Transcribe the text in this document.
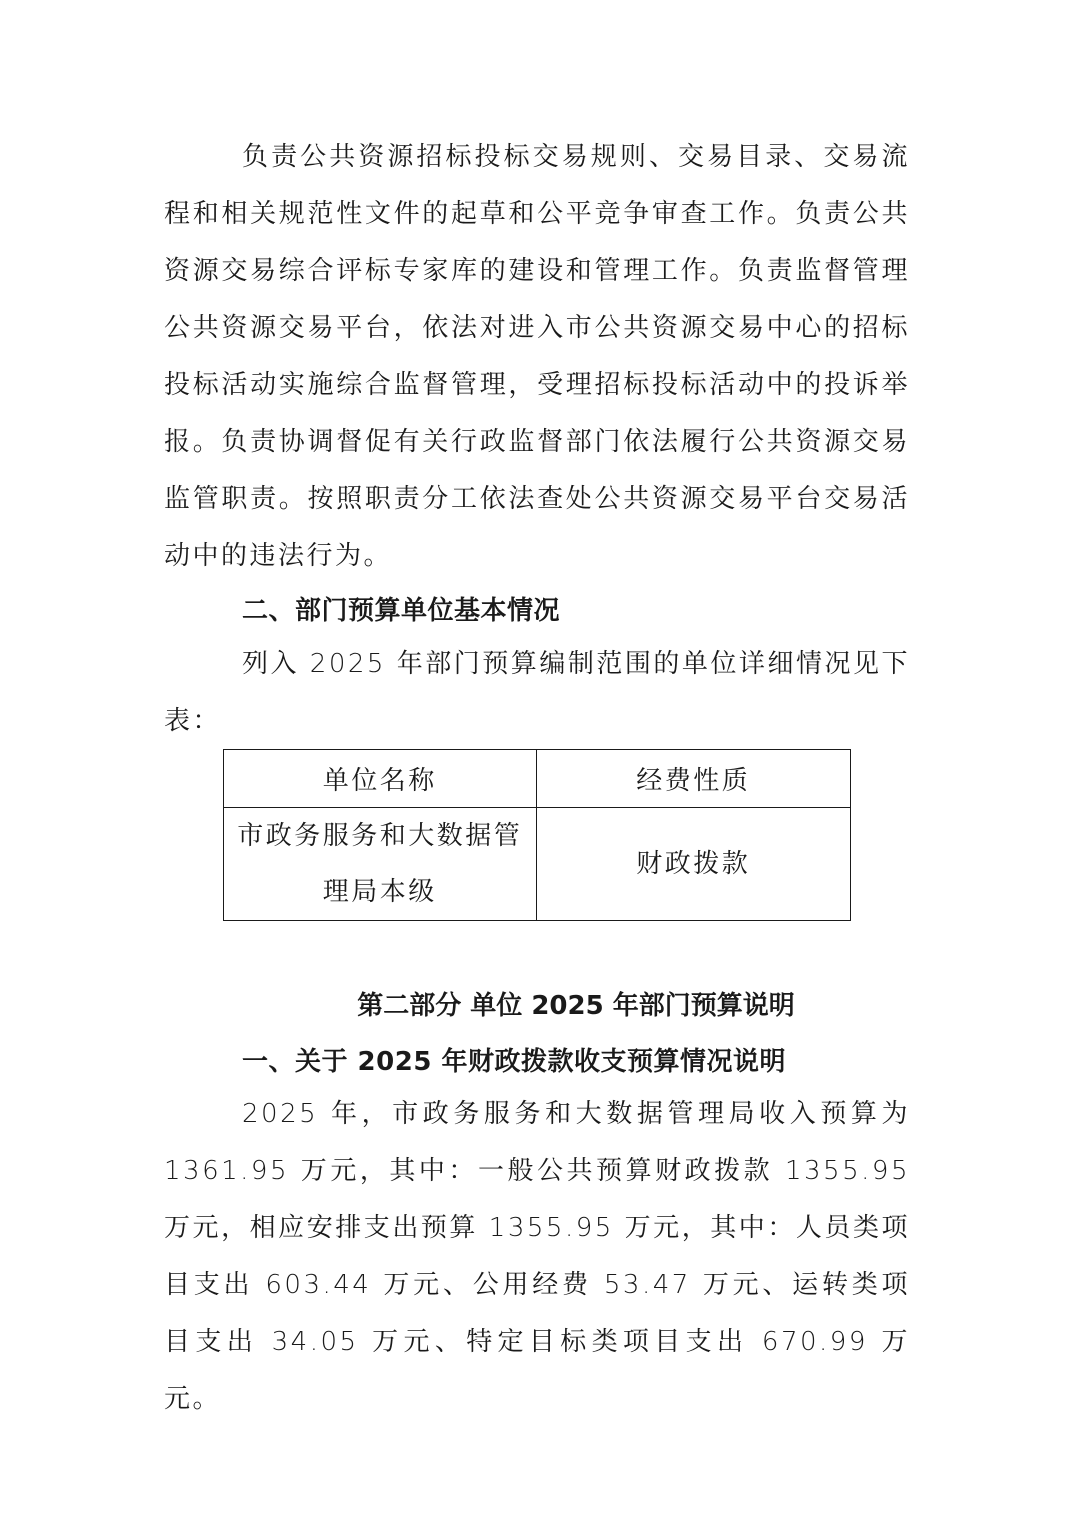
负责公共资源招标投标交易规则、交易目录、交易流程和相关规范性文件的起草和公平竞争审查工作。负责公共资源交易综合评标专家库的建设和管理工作。负责监督管理公共资源交易平台，依法对进入市公共资源交易中心的招标投标活动实施综合监督管理，受理招标投标活动中的投诉举报。负责协调督促有关行政监督部门依法履行公共资源交易监管职责。按照职责分工依法查处公共资源交易平台交易活动中的违法行为。

二、部门预算单位基本情况

列入 2025 年部门预算编制范围的单位详细情况见下表：

单位名称	经费性质
市政务服务和大数据管理局本级	财政拨款

第二部分 单位 2025 年部门预算说明

一、关于 2025 年财政拨款收支预算情况说明

2025 年，市政务服务和大数据管理局收入预算为 1361.95 万元，其中：一般公共预算财政拨款 1355.95 万元，相应安排支出预算 1355.95 万元，其中：人员类项目支出 603.44 万元、公用经费 53.47 万元、运转类项目支出 34.05 万元、特定目标类项目支出 670.99 万元。
